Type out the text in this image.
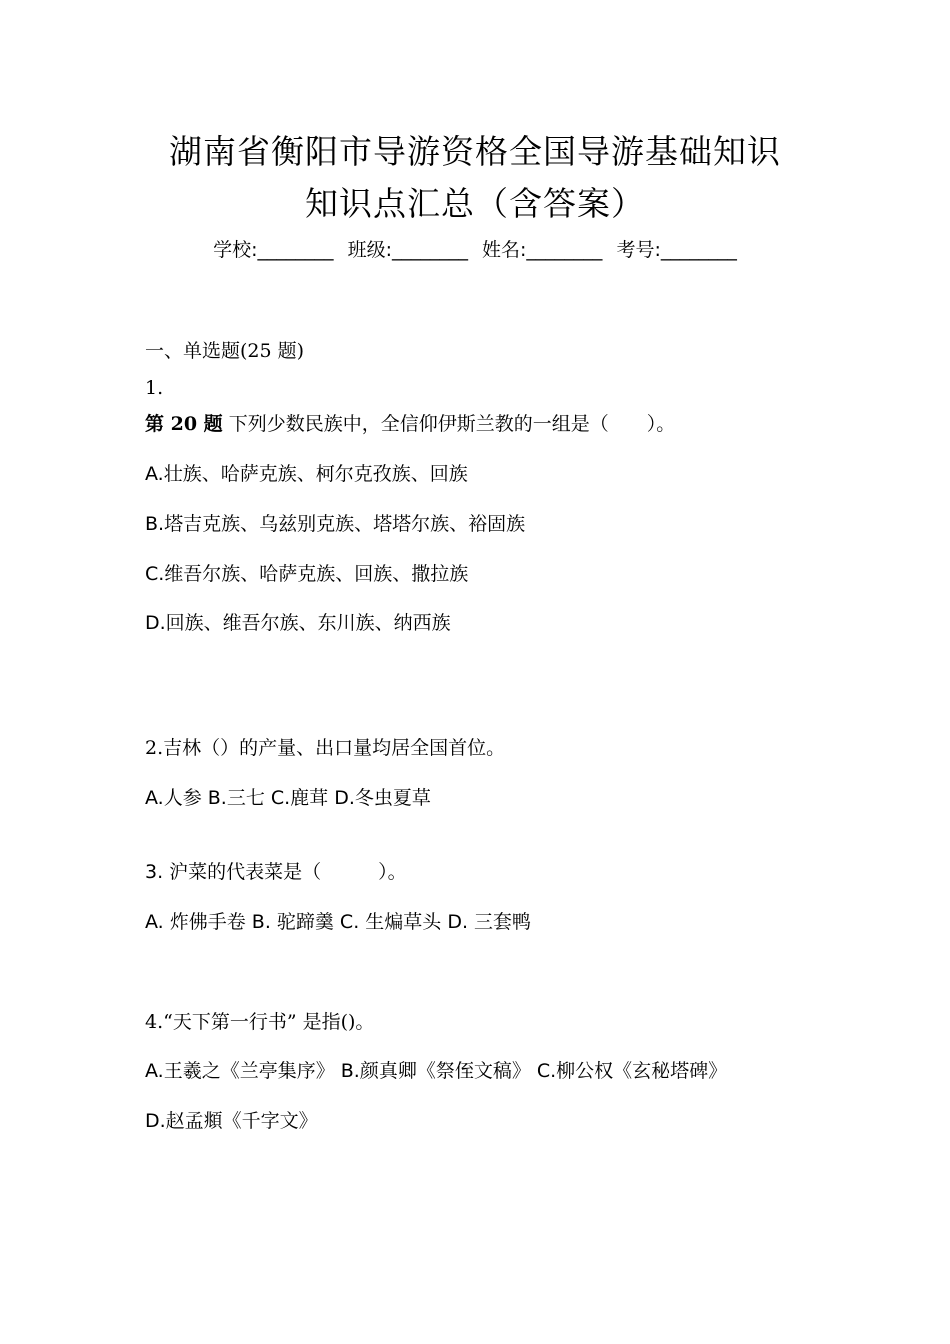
湖南省衡阳市导游资格全国导游基础知识
知识点汇总（含答案）
学校:________ 班级:________ 姓名:________ 考号:________
一、单选题(25 题)
1.
第 20 题 下列少数民族中，全信仰伊斯兰教的一组是（　　）。
A.壮族、哈萨克族、柯尔克孜族、回族
B.塔吉克族、乌兹别克族、塔塔尔族、裕固族
C.维吾尔族、哈萨克族、回族、撒拉族
D.回族、维吾尔族、东川族、纳西族
2.吉林（）的产量、出口量均居全国首位。
A.人参 B.三七 C.鹿茸 D.冬虫夏草
3. 沪菜的代表菜是（　　　）。
A. 炸佛手卷 B. 驼蹄羹 C. 生煸草头 D. 三套鸭
4.“天下第一行书” 是指()。
A.王羲之《兰亭集序》 B.颜真卿《祭侄文稿》 C.柳公权《玄秘塔碑》
D.赵孟頫《千字文》
